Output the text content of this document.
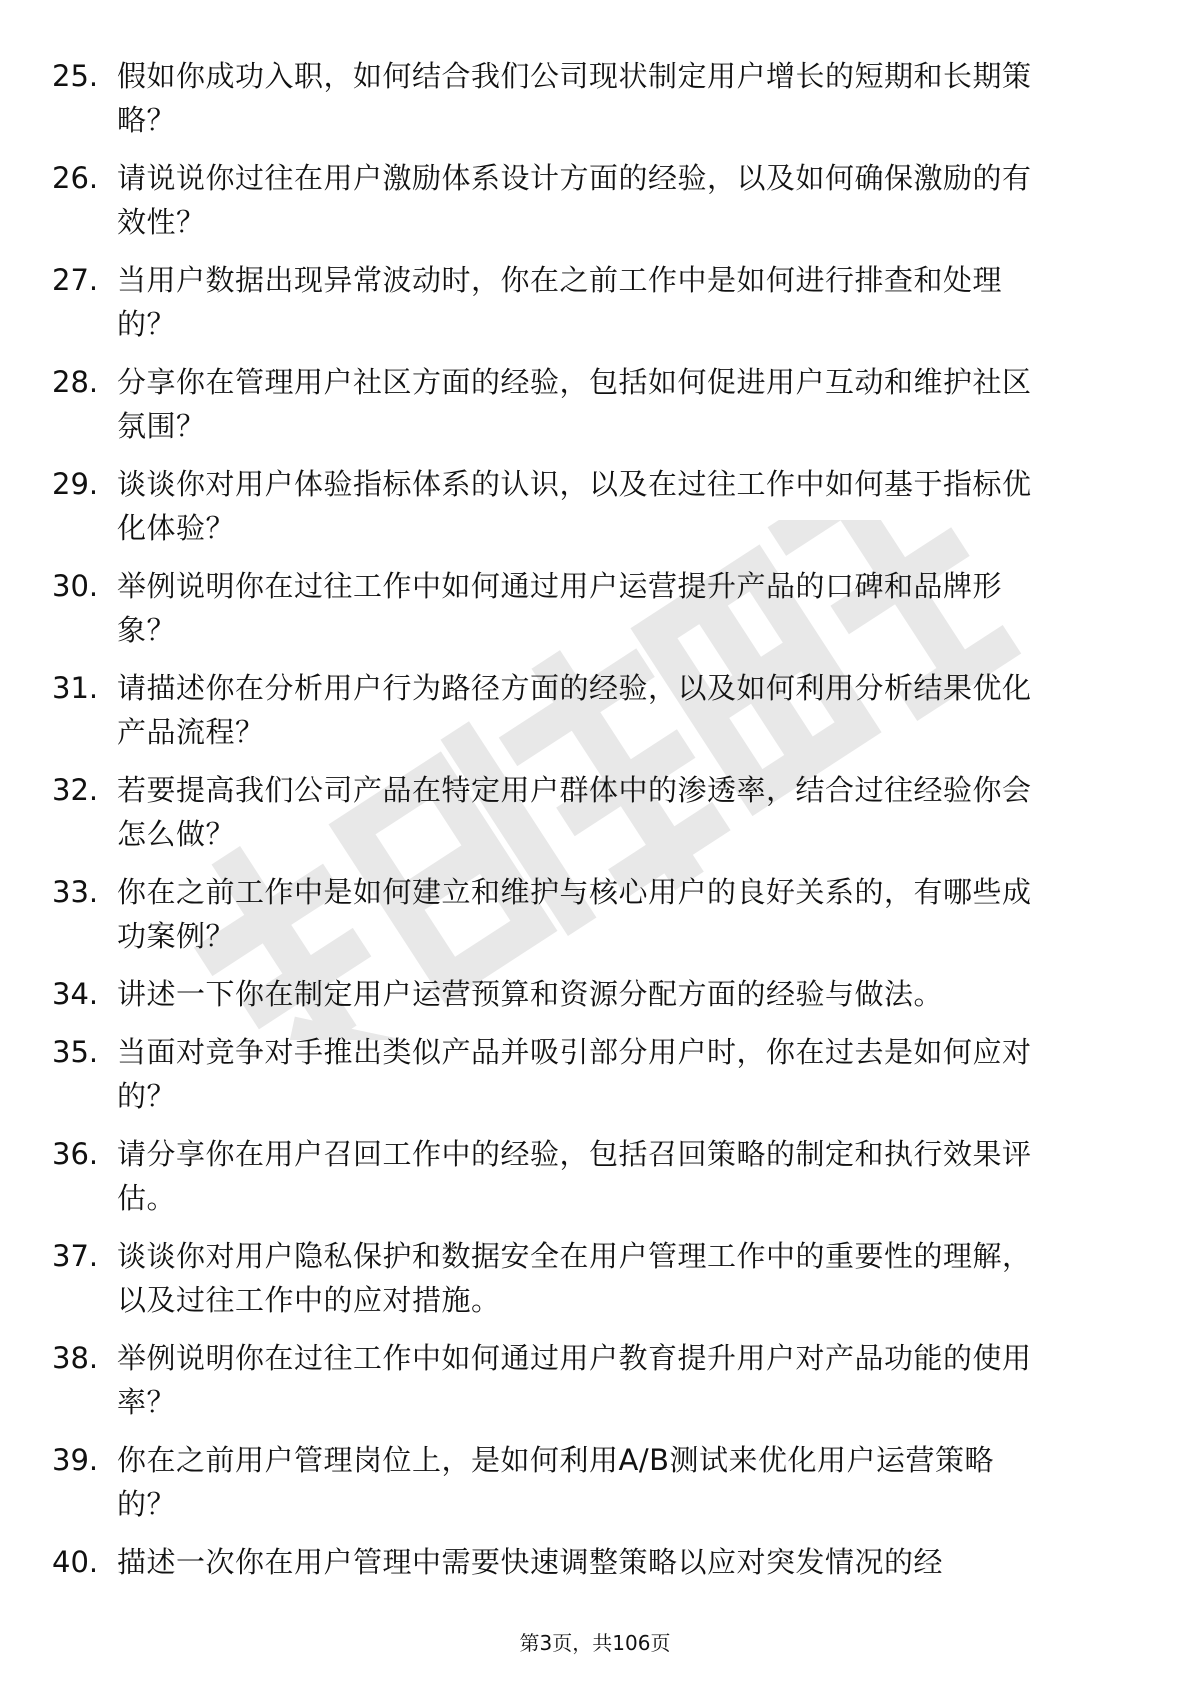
25. 假如你成功入职，如何结合我们公司现状制定用户增长的短期和长期策略？
26. 请说说你过往在用户激励体系设计方面的经验，以及如何确保激励的有效性？
27. 当用户数据出现异常波动时，你在之前工作中是如何进行排查和处理的？
28. 分享你在管理用户社区方面的经验，包括如何促进用户互动和维护社区氛围？
29. 谈谈你对用户体验指标体系的认识，以及在过往工作中如何基于指标优化体验？
30. 举例说明你在过往工作中如何通过用户运营提升产品的口碑和品牌形象？
31. 请描述你在分析用户行为路径方面的经验，以及如何利用分析结果优化产品流程？
32. 若要提高我们公司产品在特定用户群体中的渗透率，结合过往经验你会怎么做？
33. 你在之前工作中是如何建立和维护与核心用户的良好关系的，有哪些成功案例？
34. 讲述一下你在制定用户运营预算和资源分配方面的经验与做法。
35. 当面对竞争对手推出类似产品并吸引部分用户时，你在过去是如何应对的？
36. 请分享你在用户召回工作中的经验，包括召回策略的制定和执行效果评估。
37. 谈谈你对用户隐私保护和数据安全在用户管理工作中的重要性的理解，以及过往工作中的应对措施。
38. 举例说明你在过往工作中如何通过用户教育提升用户对产品功能的使用率？
39. 你在之前用户管理岗位上，是如何利用A/B测试来优化用户运营策略的？
40. 描述一次你在用户管理中需要快速调整策略以应对突发情况的经
第3页，共106页
